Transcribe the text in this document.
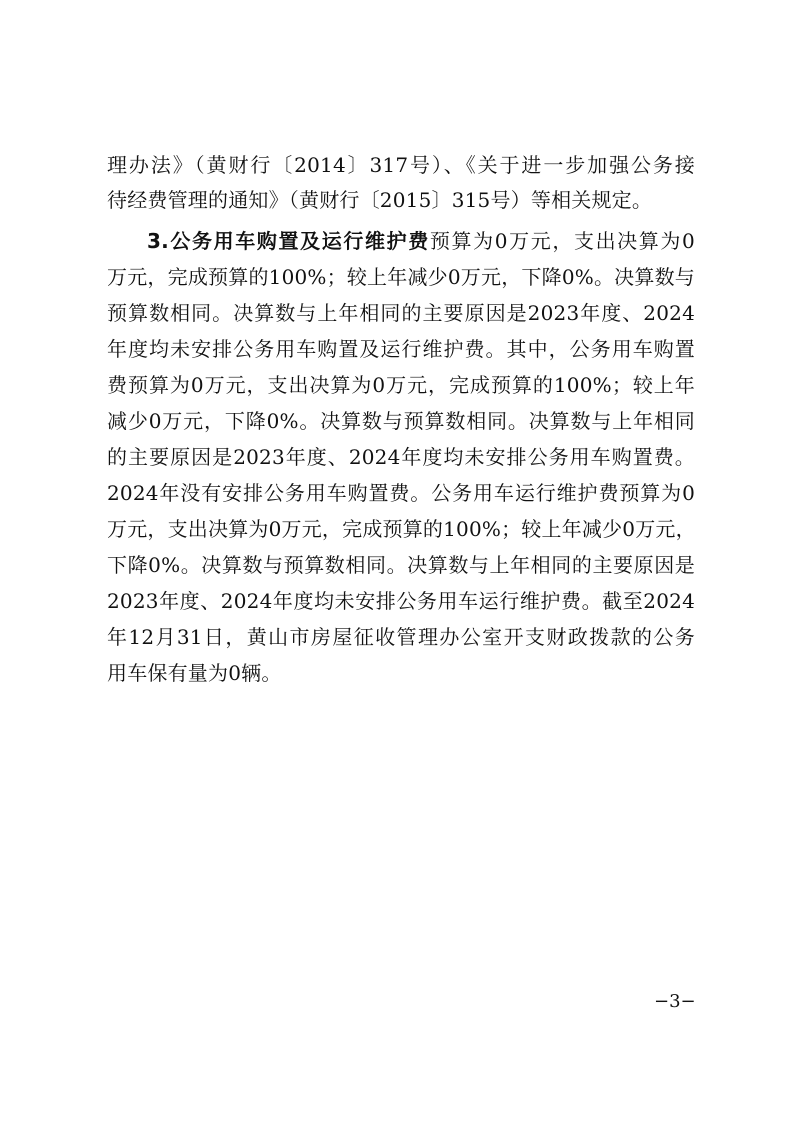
理办法》（黄财行〔2014〕317号）、《关于进一步加强公务接
待经费管理的通知》（黄财行〔2015〕315号）等相关规定。
3.公务用车购置及运行维护费预算为0万元，支出决算为0
万元，完成预算的100%；较上年减少0万元，下降0%。决算数与
预算数相同。决算数与上年相同的主要原因是2023年度、2024
年度均未安排公务用车购置及运行维护费。其中，公务用车购置
费预算为0万元，支出决算为0万元，完成预算的100%；较上年
减少0万元，下降0%。决算数与预算数相同。决算数与上年相同
的主要原因是2023年度、2024年度均未安排公务用车购置费。
2024年没有安排公务用车购置费。公务用车运行维护费预算为0
万元，支出决算为0万元，完成预算的100%；较上年减少0万元，
下降0%。决算数与预算数相同。决算数与上年相同的主要原因是
2023年度、2024年度均未安排公务用车运行维护费。截至2024
年12月31日，黄山市房屋征收管理办公室开支财政拨款的公务
用车保有量为0辆。
−3−
